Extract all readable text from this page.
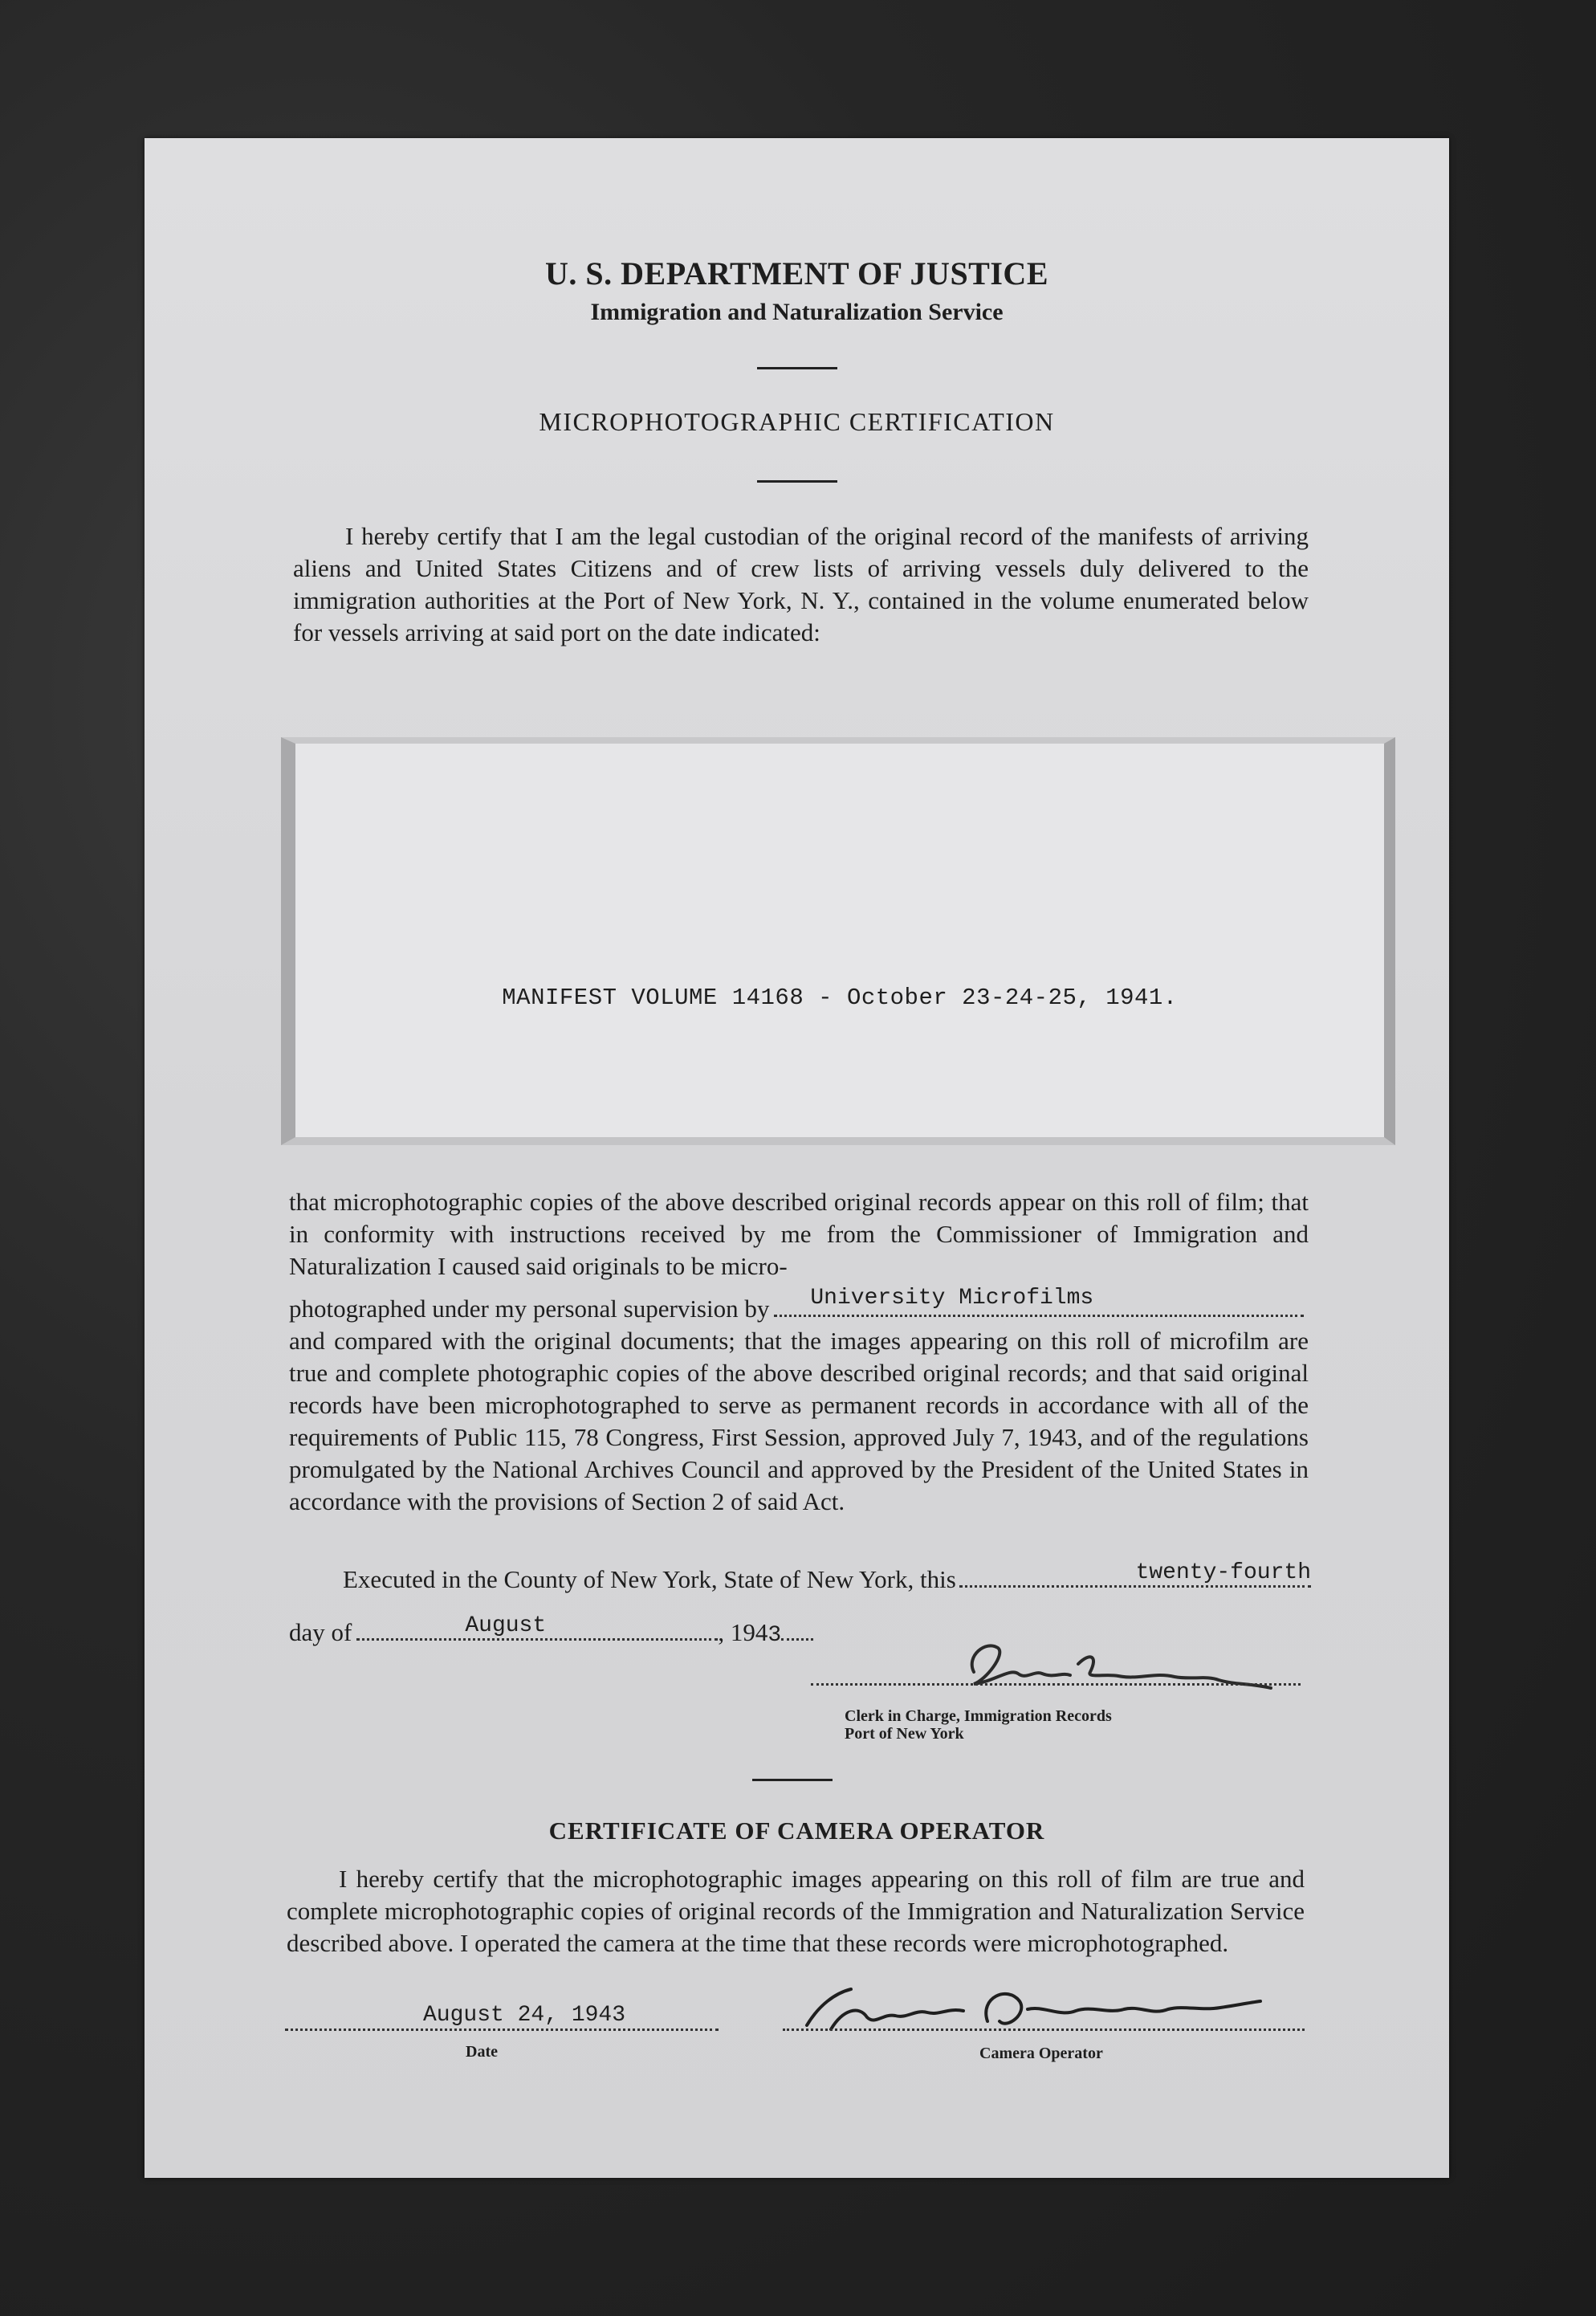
U. S. DEPARTMENT OF JUSTICE
Immigration and Naturalization Service
MICROPHOTOGRAPHIC CERTIFICATION

I hereby certify that I am the legal custodian of the original record of the manifests of arriving aliens and United States Citizens and of crew lists of arriving vessels duly delivered to the immigration authorities at the Port of New York, N. Y., contained in the volume enumerated below for vessels arriving at said port on the date indicated:

MANIFEST VOLUME 14168 - October 23-24-25, 1941.

that microphotographic copies of the above described original records appear on this roll of film; that in conformity with instructions received by me from the Commissioner of Immigration and Naturalization I caused said originals to be micro-

photographed under my personal supervision by University Microfilms

and compared with the original documents; that the images appearing on this roll of microfilm are true and complete photographic copies of the above described original records; and that said original records have been microphotographed to serve as permanent records in accordance with all of the requirements of Public 115, 78 Congress, First Session, approved July 7, 1943, and of the regulations promulgated by the National Archives Council and approved by the President of the United States in accordance with the provisions of Section 2 of said Act.

Executed in the County of New York, State of New York, this	twenty-fourth
day of	August	, 194 3
Clerk in Charge, Immigration Records
Port of New York
CERTIFICATE OF CAMERA OPERATOR

I hereby certify that the microphotographic images appearing on this roll of film are true and complete microphotographic copies of original records of the Immigration and Naturalization Service described above. I operated the camera at the time that these records were microphotographed.

August 24, 1943
Date	Camera Operator
